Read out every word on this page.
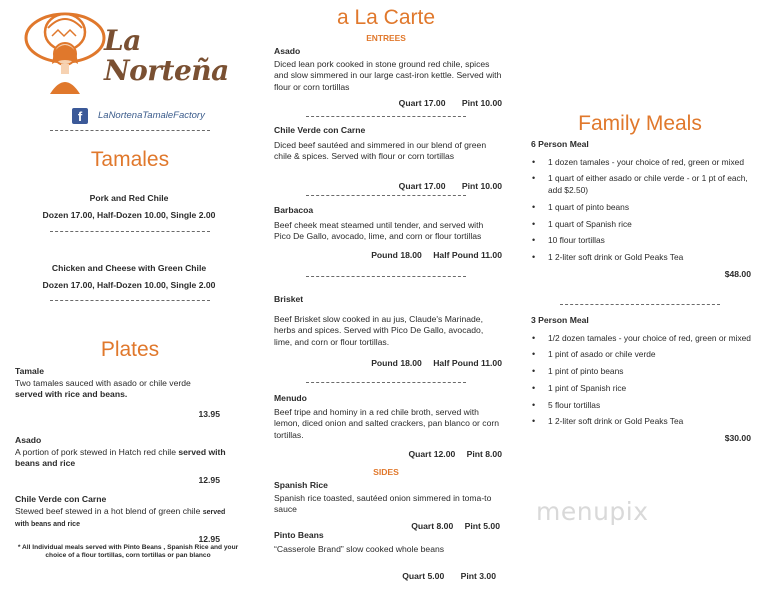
La Norteña
f	LaNortenaTamaleFactory
Tamales
Pork and Red Chile
Dozen 17.00, Half-Dozen 10.00, Single 2.00
Chicken and Cheese with Green Chile
Dozen 17.00, Half-Dozen 10.00, Single 2.00
Plates
Tamale
Two tamales sauced with asado or chile verde
served with rice and beans.
13.95
Asado
A portion of pork stewed in Hatch red chile served with beans and rice
12.95
Chile Verde con Carne
Stewed beef stewed in a hot blend of green chile served with beans and rice
12.95
* All Individual meals served with Pinto Beans , Spanish Rice and your choice of a flour tortillas, corn tortillas or pan blanco
a La Carte
ENTREES
Asado
Diced lean pork cooked in stone ground red chile, spices and slow simmered in our large cast-iron kettle. Served with flour or corn tortillas
Quart 17.00 Pint 10.00
Chile Verde con Carne
Diced beef sautéed and simmered in our blend of green chile & spices. Served with flour or corn tortillas
Quart 17.00 Pint 10.00
Barbacoa
Beef cheek meat steamed until tender, and served with Pico De Gallo, avocado, lime, and corn or flour tortillas
Pound 18.00 Half Pound 11.00
Brisket
Beef Brisket slow cooked in au jus, Claude's Marinade, herbs and spices. Served with Pico De Gallo, avocado, lime, and corn or flour tortillas.
Pound 18.00 Half Pound 11.00
Menudo
Beef tripe and hominy in a red chile broth, served with lemon, diced onion and salted crackers, pan blanco or corn tortillas.
Quart 12.00 Pint 8.00
SIDES
Spanish Rice
Spanish rice toasted, sautéed onion simmered in toma-to sauce
Quart 8.00 Pint 5.00
Pinto Beans
“Casserole Brand” slow cooked whole beans
Quart 5.00 Pint 3.00
Family Meals
6 Person Meal
• 1 dozen tamales - your choice of red, green or mixed
• 1 quart of either asado or chile verde - or 1 pt of each, add $2.50)
• 1 quart of pinto beans
• 1 quart of Spanish rice
• 10 flour tortillas
• 1 2-liter soft drink or Gold Peaks Tea
$48.00
3 Person Meal
• 1/2 dozen tamales - your choice of red, green or mixed
• 1 pint of asado or chile verde
• 1 pint of pinto beans
• 1 pint of Spanish rice
• 5 flour tortillas
• 1 2-liter soft drink or Gold Peaks Tea
$30.00
menupix
